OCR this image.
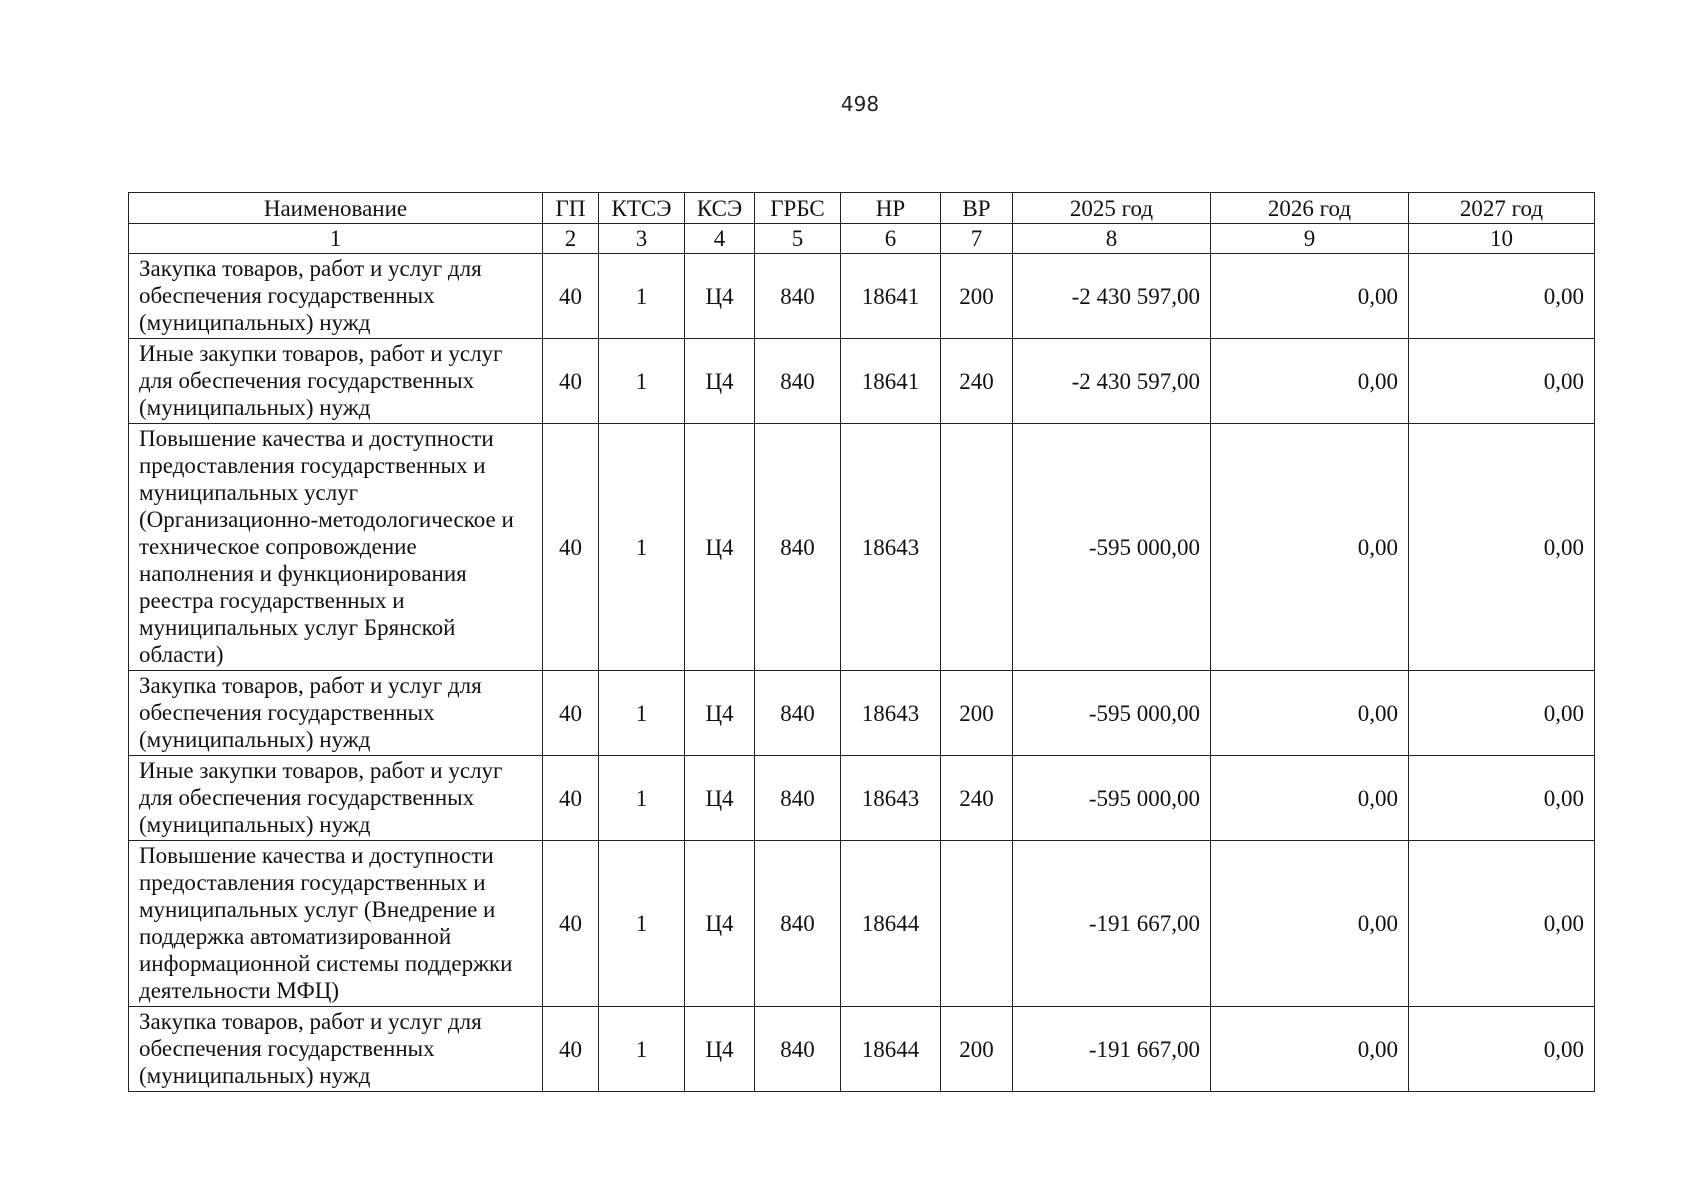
498
Наименование	ГП	КТСЭ	КСЭ	ГРБС	НР	ВР	2025 год	2026 год	2027 год
1	2	3	4	5	6	7	8	9	10
Закупка товаров, работ и услуг для обеспечения государственных (муниципальных) нужд	40	1	Ц4	840	18641	200	-2 430 597,00	0,00	0,00
Иные закупки товаров, работ и услуг для обеспечения государственных (муниципальных) нужд	40	1	Ц4	840	18641	240	-2 430 597,00	0,00	0,00
Повышение качества и доступности предоставления государственных и муниципальных услуг (Организационно-методологическое и техническое сопровождение наполнения и функционирования реестра государственных и муниципальных услуг Брянской области)	40	1	Ц4	840	18643		-595 000,00	0,00	0,00
Закупка товаров, работ и услуг для обеспечения государственных (муниципальных) нужд	40	1	Ц4	840	18643	200	-595 000,00	0,00	0,00
Иные закупки товаров, работ и услуг для обеспечения государственных (муниципальных) нужд	40	1	Ц4	840	18643	240	-595 000,00	0,00	0,00
Повышение качества и доступности предоставления государственных и муниципальных услуг (Внедрение и поддержка автоматизированной информационной системы поддержки деятельности МФЦ)	40	1	Ц4	840	18644		-191 667,00	0,00	0,00
Закупка товаров, работ и услуг для обеспечения государственных (муниципальных) нужд	40	1	Ц4	840	18644	200	-191 667,00	0,00	0,00
